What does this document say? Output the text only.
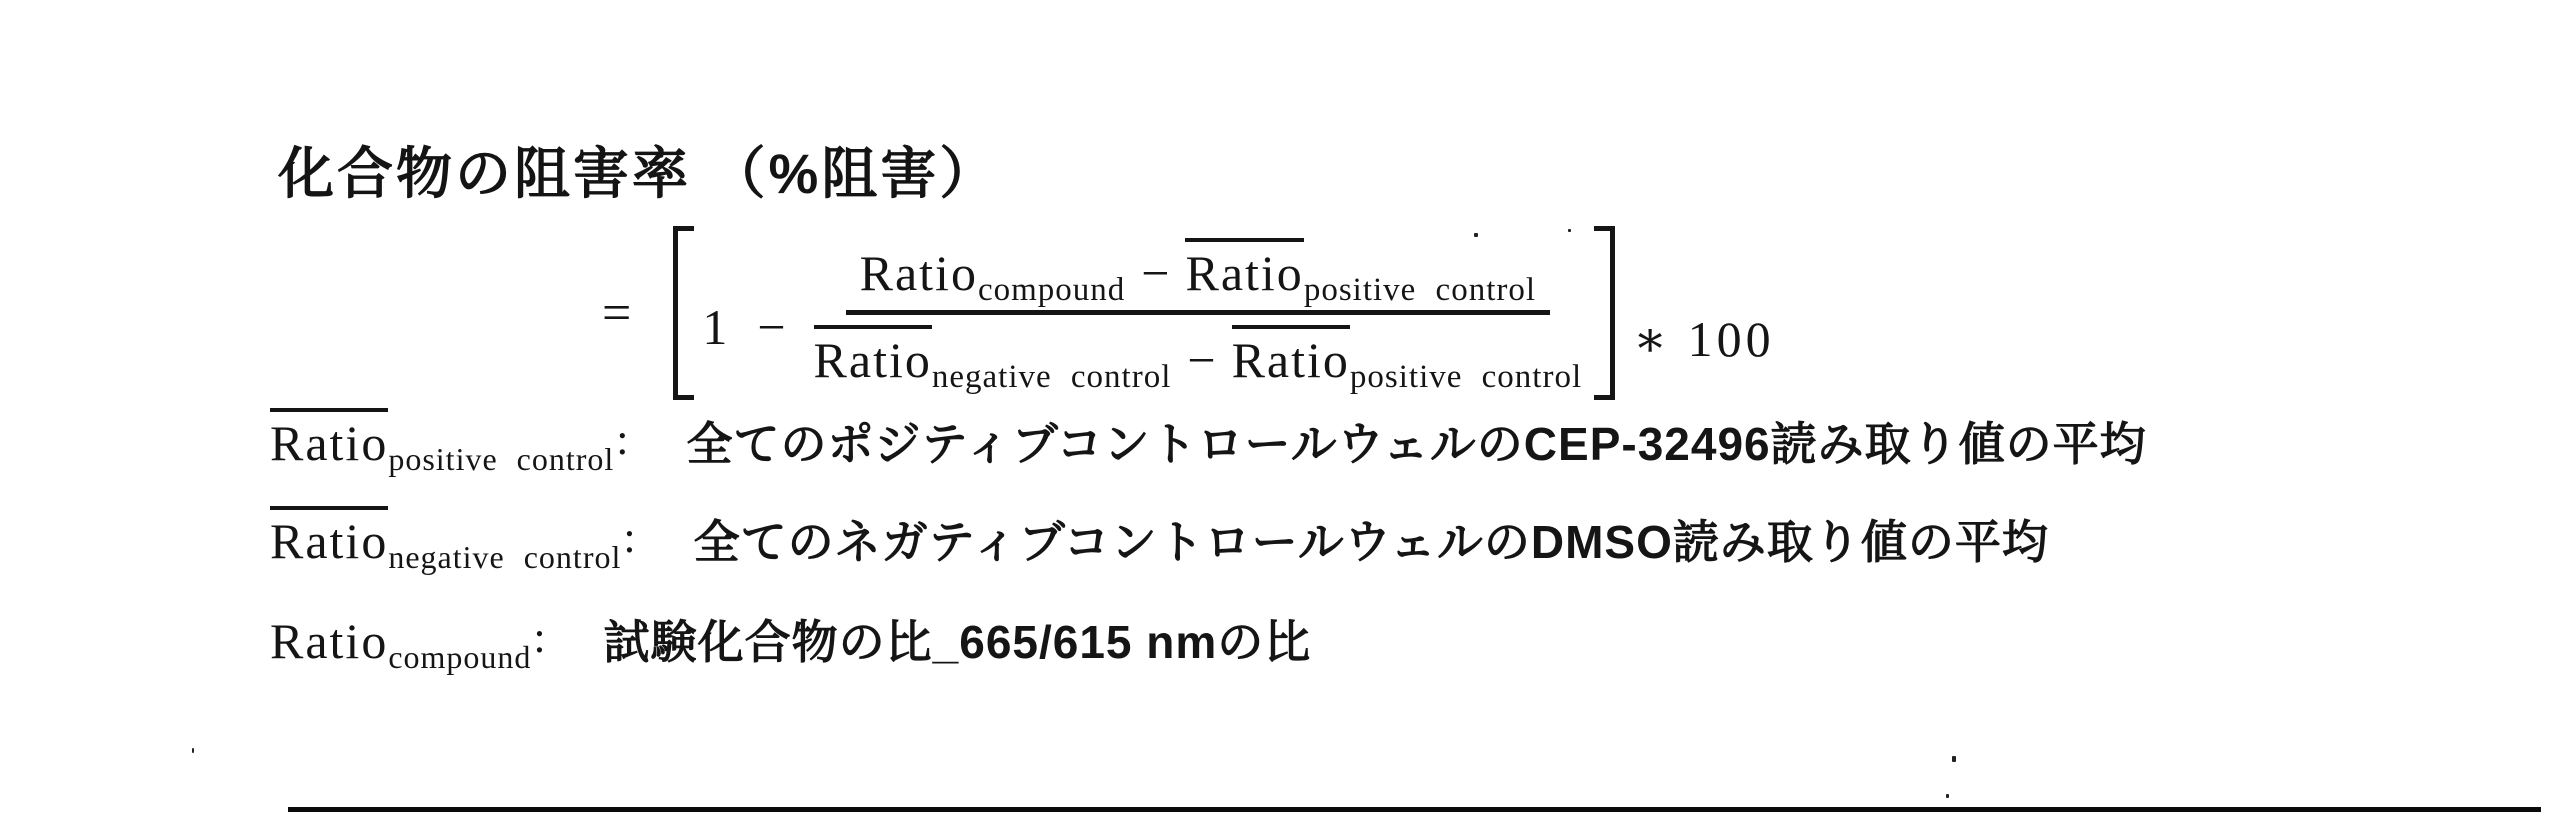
化合物の阻害率 （%阻害）
= 1 −
Ratio$_{compound}$ − Ratio$_{positive control}$
Ratio$_{negative control}$ − Ratio$_{positive control}$
∗ 100
Ratio$_{positive control}$ : 全てのポジティブコントロールウェルのCEP-32496読み取り値の平均
Ratio$_{negative control}$ : 全てのネガティブコントロールウェルのDMSO読み取り値の平均
Ratio$_{compound}$ : 試験化合物の比_665/615 nmの比
